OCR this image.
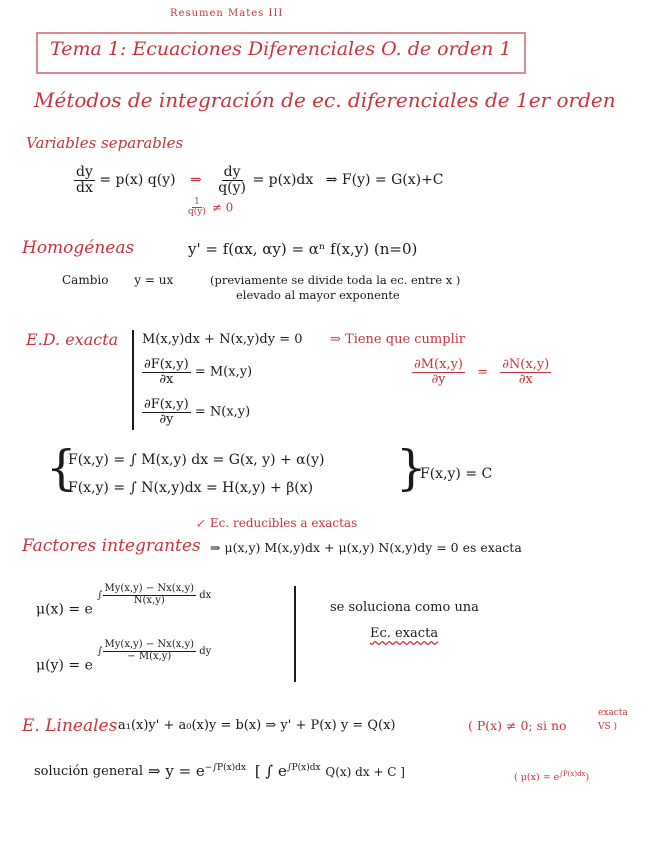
Resumen Mates III
Tema 1: Ecuaciones Diferenciales O. de orden 1
Métodos de integración de ec. diferenciales de 1er orden
Variables separables
$\frac{dy}{dx} = p(x)$ q(y) ⇒ $\frac{dy}{q(y)} = p(x)dx$ ⇒ F(y) = G(x)+C
$\frac{1}{q(y)} \ne 0$
Homogéneas	y' = f(αx, αy) = αⁿ f(x,y) (n=0)
Cambio y = ux	(previamente se divide toda la ec. entre x )
elevado al mayor exponente
E.D. exacta M(x,y)dx + N(x,y)dy = 0 ⇒ Tiene que cumplir
$\frac{\partial M(x,y)}{\partial y} = \frac{\partial N(x,y)}{\partial x}$
$\frac{\partial F(x,y)}{\partial x} = M(x,y)$
$\frac{\partial F(x,y)}{\partial y} = N(x,y)$
{
F(x,y) = ∫ M(x,y) dx = G(x, y) + α(y)
F(x,y) = ∫ N(x,y)dx = H(x,y) + β(x) }
F(x,y) = C
↙ Ec. reducibles a exactas
Factores integrantes ⇒ μ(x,y) M(x,y)dx + μ(x,y) N(x,y)dy = 0 es exacta
μ(x) = e $^{\int \frac{My(x,y) - Nx(x,y)}{N(x,y)} dx}$
μ(y) = e $^{\int \frac{My(x,y) - Nx(x,y)}{- M(x,y)} dy}$
se soluciona como una
Ec. exacta
E. Lineales a₁(x)y' + a₀(x)y = b(x) ⇒ y' + P(x) y = Q(x)	( P(x) ≠ 0; si no
exacta
VS )
solución general ⇒ $y = e^{-\int P(x)dx}$ [ ∫ $e^{\int P(x)dx}$ Q(x) dx + C ]	( $\mu(x) = e^{\int P(x)dx}$)
